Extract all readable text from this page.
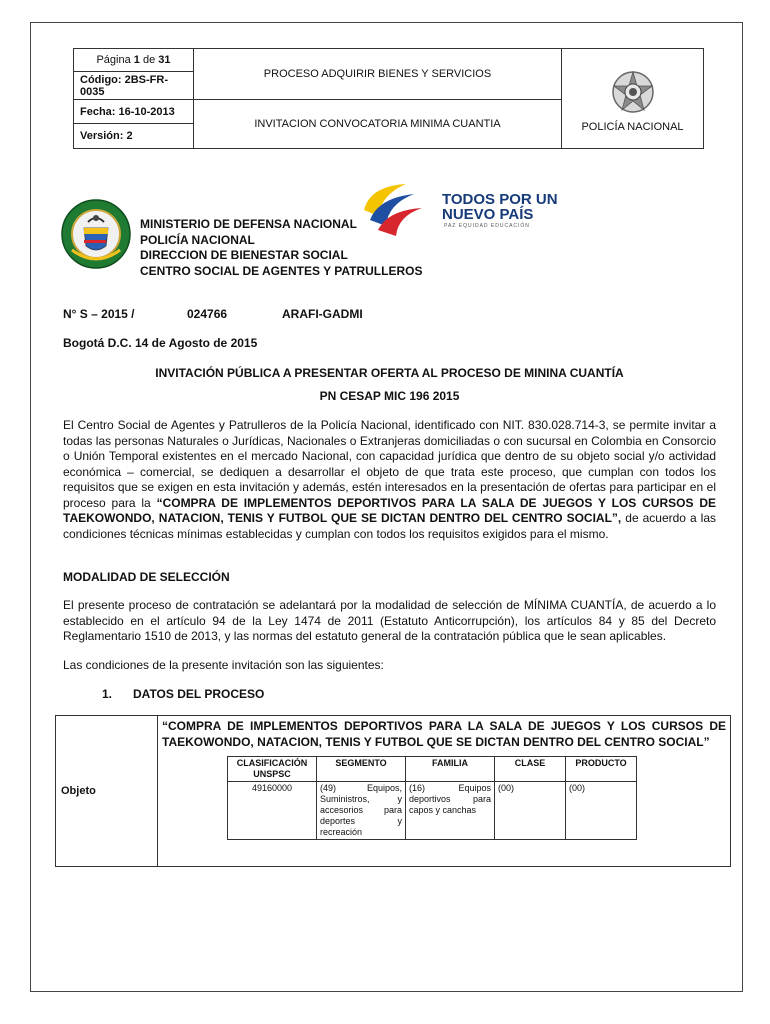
Página 1 de 31	PROCESO ADQUIRIR BIENES Y SERVICIOS	POLICÍA NACIONAL

Código: 2BS-FR-0035		
Fecha: 16-10-2013	INVITACION CONVOCATORIA MINIMA CUANTIA	
Versión: 2		
TODOS POR UN
NUEVO PAÍS
PAZ EQUIDAD EDUCACIÓN
MINISTERIO DE DEFENSA NACIONAL
POLICÍA NACIONAL
DIRECCION DE BIENESTAR SOCIAL
CENTRO SOCIAL DE AGENTES Y PATRULLEROS
N° S – 2015 /	024766	ARAFI-GADMI
Bogotá D.C. 14 de Agosto de 2015
INVITACIÓN PÚBLICA A PRESENTAR OFERTA AL PROCESO DE MININA CUANTÍA
PN CESAP MIC 196 2015
El Centro Social de Agentes y Patrulleros de la Policía Nacional, identificado con NIT. 830.028.714-3, se permite invitar a todas las personas Naturales o Jurídicas, Nacionales o Extranjeras domiciliadas o con sucursal en Colombia en Consorcio o Unión Temporal existentes en el mercado Nacional, con capacidad jurídica que dentro de su objeto social y/o actividad económica – comercial, se dediquen a desarrollar el objeto de que trata este proceso, que cumplan con todos los requisitos que se exigen en esta invitación y además, estén interesados en la presentación de ofertas para participar en el proceso para la “COMPRA DE IMPLEMENTOS DEPORTIVOS PARA LA SALA DE JUEGOS Y LOS CURSOS DE TAEKOWONDO, NATACION, TENIS Y FUTBOL QUE SE DICTAN DENTRO DEL CENTRO SOCIAL”, de acuerdo a las condiciones técnicas mínimas establecidas y cumplan con todos los requisitos exigidos para el mismo.
MODALIDAD DE SELECCIÓN
El presente proceso de contratación se adelantará por la modalidad de selección de MÍNIMA CUANTÍA, de acuerdo a lo establecido en el artículo 94 de la Ley 1474 de 2011 (Estatuto Anticorrupción), los artículos 84 y 85 del Decreto Reglamentario 1510 de 2013, y las normas del estatuto general de la contratación pública que le sean aplicables.
Las condiciones de la presente invitación son las siguientes:
1. DATOS DEL PROCESO
Objeto	
“COMPRA DE IMPLEMENTOS DEPORTIVOS PARA LA SALA DE JUEGOS Y LOS CURSOS DE TAEKOWONDO, NATACION, TENIS Y FUTBOL QUE SE DICTAN DENTRO DEL CENTRO SOCIAL”
CLASIFICACIÓN UNSPSC	SEGMENTO	FAMILIA	CLASE	PRODUCTO
49160000	(49) Equipos, Suministros, y accesorios para deportes y recreación	(16) Equipos deportivos para capos y canchas	(00)	(00)
